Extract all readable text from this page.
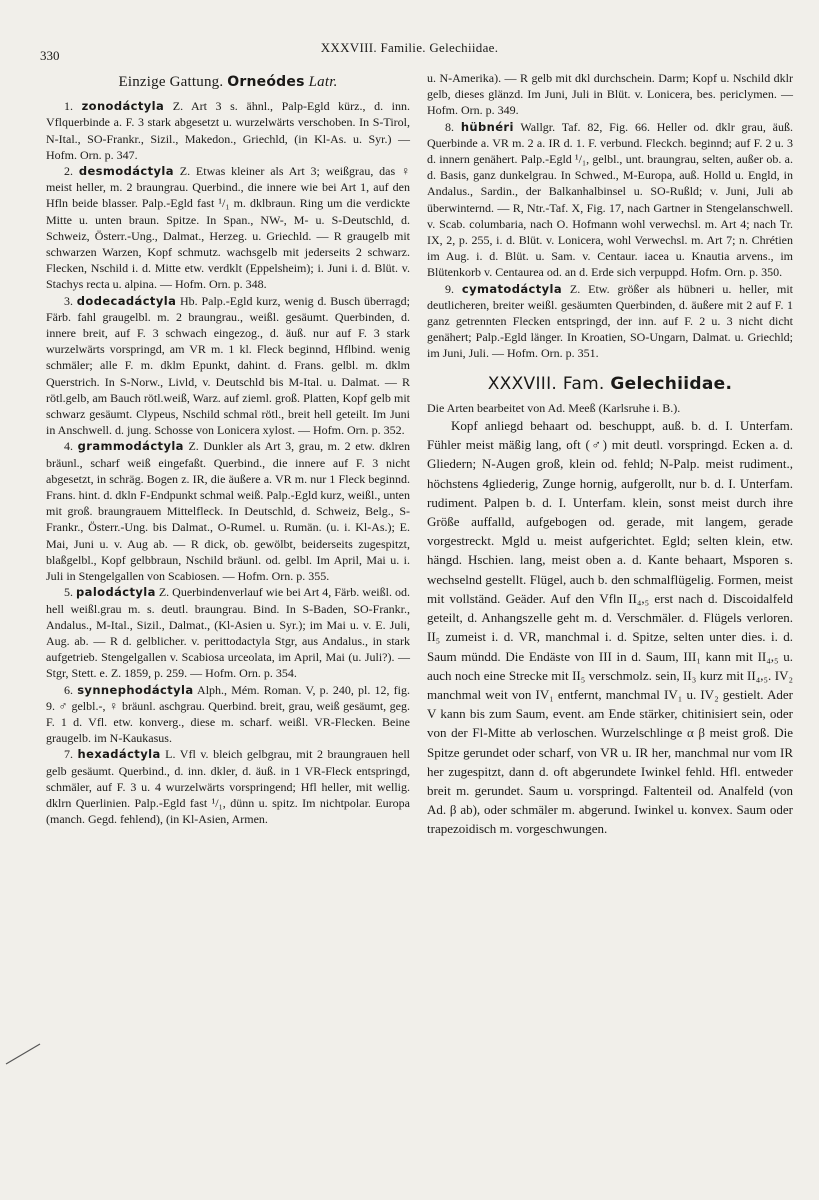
330
XXXVIII. Familie. Gelechiidae.
Einzige Gattung. Orneódes Latr.

1. zonodáctyla Z. Art 3 s. ähnl., Palp-Egld kürz., d. inn. Vflquerbinde a. F. 3 stark abgesetzt u. wurzelwärts verschoben. In S-Tirol, N-Ital., SO-Frankr., Sizil., Makedon., Griechld, (in Kl-As. u. Syr.) — Hofm. Orn. p. 347.

2. desmodáctyla Z. Etwas kleiner als Art 3; weißgrau, das ♀ meist heller, m. 2 braungrau. Querbind., die innere wie bei Art 1, auf den Hfln beide blasser. Palp.-Egld fast ¹/₁ m. dklbraun. Ring um die verdickte Mitte u. unten braun. Spitze. In Span., NW-, M- u. S-Deutschld, d. Schweiz, Österr.-Ung., Dalmat., Herzeg. u. Griechld. — R graugelb mit schwarzen Warzen, Kopf schmutz. wachsgelb mit jederseits 2 schwarz. Flecken, Nschild i. d. Mitte etw. verdklt (Eppelsheim); i. Juni i. d. Blüt. v. Stachys recta u. alpina. — Hofm. Orn. p. 348.

3. dodecadáctyla Hb. Palp.-Egld kurz, wenig d. Busch überragd; Färb. fahl graugelbl. m. 2 braungrau., weißl. gesäumt. Querbinden, d. innere breit, auf F. 3 schwach eingezog., d. äuß. nur auf F. 3 stark wurzelwärts vorspringd, am VR m. 1 kl. Fleck beginnd, Hflbind. wenig schmäler; alle F. m. dklm Epunkt, dahint. d. Frans. gelbl. m. dklm Querstrich. In S-Norw., Livld, v. Deutschld bis M-Ital. u. Dalmat. — R rötl.gelb, am Bauch rötl.weiß, Warz. auf zieml. groß. Platten, Kopf gelb mit schwarz gesäumt. Clypeus, Nschild schmal rötl., breit hell geteilt. Im Juni in Anschwell. d. jung. Schosse von Lonicera xylost. — Hofm. Orn. p. 352.

4. grammodáctyla Z. Dunkler als Art 3, grau, m. 2 etw. dklren bräunl., scharf weiß eingefaßt. Querbind., die innere auf F. 3 nicht abgesetzt, in schräg. Bogen z. IR, die äußere a. VR m. nur 1 Fleck beginnd. Frans. hint. d. dkln F-Endpunkt schmal weiß. Palp.-Egld kurz, weißl., unten mit groß. braungrauem Mittelfleck. In Deutschld, d. Schweiz, Belg., S-Frankr., Österr.-Ung. bis Dalmat., O-Rumel. u. Rumän. (u. i. Kl-As.); E. Mai, Juni u. v. Aug ab. — R dick, ob. gewölbt, beiderseits zugespitzt, blaßgelbl., Kopf gelbbraun, Nschild bräunl. od. gelbl. Im April, Mai u. i. Juli in Stengelgallen von Scabiosen. — Hofm. Orn. p. 355.

5. palodáctyla Z. Querbindenverlauf wie bei Art 4, Färb. weißl. od. hell weißl.grau m. s. deutl. braungrau. Bind. In S-Baden, SO-Frankr., Andalus., M-Ital., Sizil., Dalmat., (Kl-Asien u. Syr.); im Mai u. v. E. Juli, Aug. ab. — R d. gelblicher. v. perittodactyla Stgr, aus Andalus., in stark aufgetrieb. Stengelgallen v. Scabiosa urceolata, im April, Mai (u. Juli?). — Stgr, Stett. e. Z. 1859, p. 259. — Hofm. Orn. p. 354.

6. synnephodáctyla Alph., Mém. Roman. V, p. 240, pl. 12, fig. 9. ♂ gelbl.-, ♀ bräunl. aschgrau. Querbind. breit, grau, weiß gesäumt, geg. F. 1 d. Vfl. etw. konverg., diese m. scharf. weißl. VR-Flecken. Beine graugelb. im N-Kaukasus.

7. hexadáctyla L. Vfl v. bleich gelbgrau, mit 2 braungrauen hell gelb gesäumt. Querbind., d. inn. dkler, d. äuß. in 1 VR-Fleck entspringd, schmäler, auf F. 3 u. 4 wurzelwärts vorspringend; Hfl heller, mit wellig. dklrn Querlinien. Palp.-Egld fast ¹/₁, dünn u. spitz. Im nichtpolar. Europa (manch. Gegd. fehlend), (in Kl-Asien, Armen.

u. N-Amerika). — R gelb mit dkl durchschein. Darm; Kopf u. Nschild dklr gelb, dieses glänzd. Im Juni, Juli in Blüt. v. Lonicera, bes. periclymen. — Hofm. Orn. p. 349.

8. hübnéri Wallgr. Taf. 82, Fig. 66. Heller od. dklr grau, äuß. Querbinde a. VR m. 2 a. IR d. 1. F. verbund. Fleckch. beginnd; auf F. 2 u. 3 d. innern genähert. Palp.-Egld ¹/₁, gelbl., unt. braungrau, selten, außer ob. a. d. Basis, ganz dunkelgrau. In Schwed., M-Europa, auß. Holld u. Engld, in Andalus., Sardin., der Balkanhalbinsel u. SO-Rußld; v. Juni, Juli ab überwinternd. — R, Ntr.-Taf. X, Fig. 17, nach Gartner in Stengelanschwell. v. Scab. columbaria, nach O. Hofmann wohl verwechsl. m. Art 4; nach Tr. IX, 2, p. 255, i. d. Blüt. v. Lonicera, wohl Verwechsl. m. Art 7; n. Chrétien im Aug. i. d. Blüt. u. Sam. v. Centaur. iacea u. Knautia arvens., im Blütenkorb v. Centaurea od. an d. Erde sich verpuppd. Hofm. Orn. p. 350.

9. cymatodáctyla Z. Etw. größer als hübneri u. heller, mit deutlicheren, breiter weißl. gesäumten Querbinden, d. äußere mit 2 auf F. 1 ganz getrennten Flecken entspringd, der inn. auf F. 2 u. 3 nicht dicht genähert; Palp.-Egld länger. In Kroatien, SO-Ungarn, Dalmat. u. Griechld; im Juni, Juli. — Hofm. Orn. p. 351.

XXXVIII. Fam. Gelechiidae.

Die Arten bearbeitet von Ad. Meeß (Karlsruhe i. B.).

Kopf anliegd behaart od. beschuppt, auß. b. d. I. Unterfam. Fühler meist mäßig lang, oft (♂) mit deutl. vorspringd. Ecken a. d. Gliedern; N-Augen groß, klein od. fehld; N-Palp. meist rudiment., höchstens 4gliederig, Zunge hornig, aufgerollt, nur b. d. I. Unterfam. rudiment. Palpen b. d. I. Unterfam. klein, sonst meist durch ihre Größe auffalld, aufgebogen od. gerade, mit langem, gerade vorgestreckt. Mgld u. meist aufgerichtet. Egld; selten klein, etw. hängd. Hschien. lang, meist oben a. d. Kante behaart, Msporen s. wechselnd gestellt. Flügel, auch b. den schmalflügelig. Formen, meist mit vollständ. Geäder. Auf den Vfln II₄,₅ erst nach d. Discoidalfeld geteilt, d. Anhangszelle geht m. d. Verschmäler. d. Flügels verloren. II₅ zumeist i. d. VR, manchmal i. d. Spitze, selten unter dies. i. d. Saum mündd. Die Endäste von III in d. Saum, III₁ kann mit II₄,₅ u. auch noch eine Strecke mit II₅ verschmolz. sein, II₃ kurz mit II₄,₅. IV₂ manchmal weit von IV₁ entfernt, manchmal IV₁ u. IV₂ gestielt. Ader V kann bis zum Saum, event. am Ende stärker, chitinisiert sein, oder von der Fl-Mitte ab verloschen. Wurzelschlinge α β meist groß. Die Spitze gerundet oder scharf, von VR u. IR her, manchmal nur vom IR her zugespitzt, dann d. oft abgerundete Iwinkel fehld. Hfl. entweder breit m. gerundet. Saum u. vorspringd. Faltenteil od. Analfeld (von Ad. β ab), oder schmäler m. abgerund. Iwinkel u. konvex. Saum oder trapezoidisch m. vorgeschwungen.
